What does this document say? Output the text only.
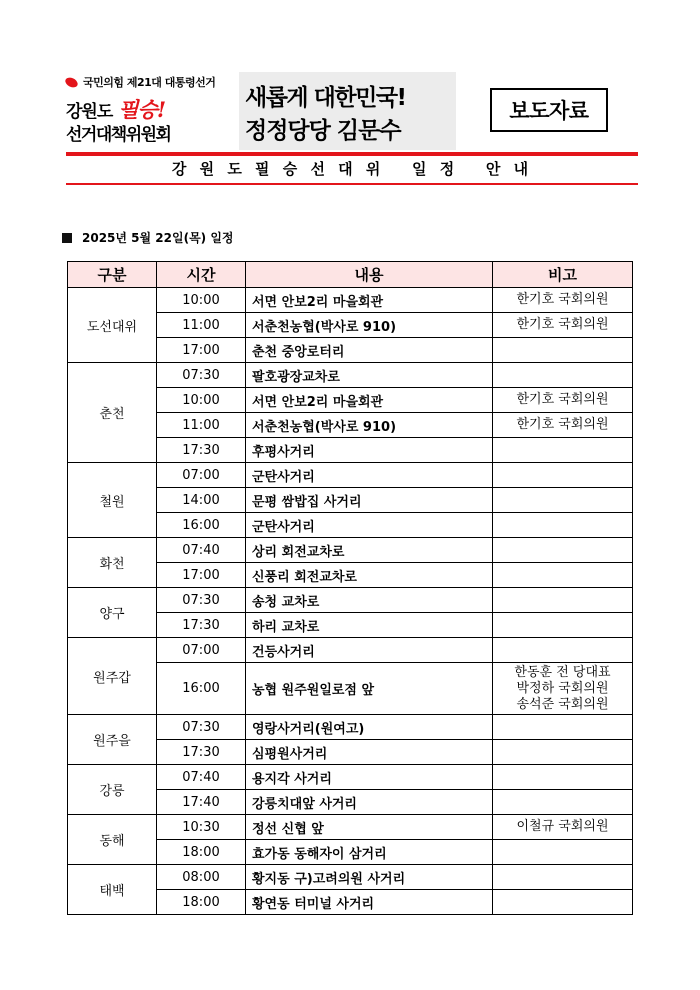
국민의힘 제21대 대통령선거
강원도 필승!
선거대책위원회
새롭게 대한민국!
정정당당 김문수
보도자료
강 원 도 필 승 선 대 위   일 정   안 내
2025년 5월 22일(목) 일정
구분	시간	내용	비고
도선대위	10:00	서면 안보2리 마을회관	한기호 국회의원

	11:00	서춘천농협(박사로 910)	한기호 국회의원

	17:00	춘천 중앙로터리	
춘천	07:30	팔호광장교차로	
	10:00	서면 안보2리 마을회관	한기호 국회의원

	11:00	서춘천농협(박사로 910)	한기호 국회의원

	17:30	후평사거리	
철원	07:00	군탄사거리	
	14:00	문평 쌈밥집 사거리	
	16:00	군탄사거리	
화천	07:40	상리 회전교차로	
	17:00	신풍리 회전교차로	
양구	07:30	송청 교차로	
	17:30	하리 교차로	
원주갑	07:00	건등사거리	
	16:00	농협 원주원일로점 앞	한동훈 전 당대표
박정하 국회의원
송석준 국회의원

원주을	07:30	영랑사거리(원여고)	
	17:30	심평원사거리	
강릉	07:40	용지각 사거리	
	17:40	강릉치대앞 사거리	
동해	10:30	정선 신협 앞	이철규 국회의원

	18:00	효가동 동해자이 삼거리	
태백	08:00	황지동 구)고려의원 사거리	
	18:00	황연동 터미널 사거리	
